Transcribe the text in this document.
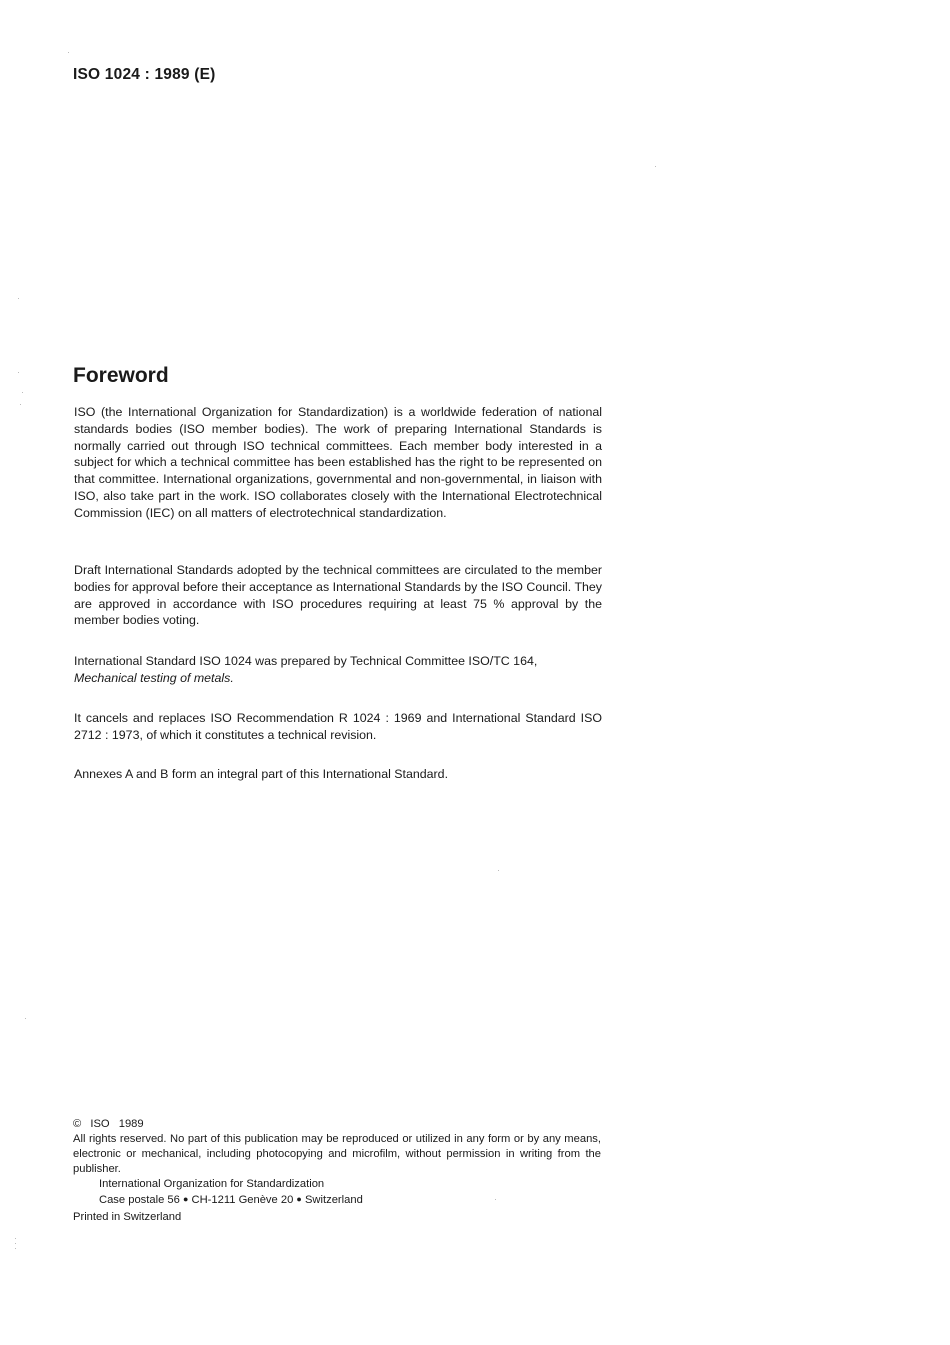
ISO 1024 : 1989 (E)
Foreword

ISO (the International Organization for Standardization) is a worldwide federation of national standards bodies (ISO member bodies). The work of preparing International Standards is normally carried out through ISO technical committees. Each member body interested in a subject for which a technical committee has been established has the right to be represented on that committee. International organizations, governmental and non-governmental, in liaison with ISO, also take part in the work. ISO collaborates closely with the International Electrotechnical Commission (IEC) on all matters of electrotechnical standardization.

Draft International Standards adopted by the technical committees are circulated to the member bodies for approval before their acceptance as International Standards by the ISO Council. They are approved in accordance with ISO procedures requiring at least 75 % approval by the member bodies voting.

International Standard ISO 1024 was prepared by Technical Committee ISO/TC 164,
Mechanical testing of metals.

It cancels and replaces ISO Recommendation R 1024 : 1969 and International Standard ISO 2712 : 1973, of which it constitutes a technical revision.

Annexes A and B form an integral part of this International Standard.

© ISO 1989
All rights reserved. No part of this publication may be reproduced or utilized in any form or by any means, electronic or mechanical, including photocopying and microfilm, without permission in writing from the publisher.
International Organization for Standardization
Case postale 56 ● CH-1211 Genève 20 ● Switzerland
Printed in Switzerland
